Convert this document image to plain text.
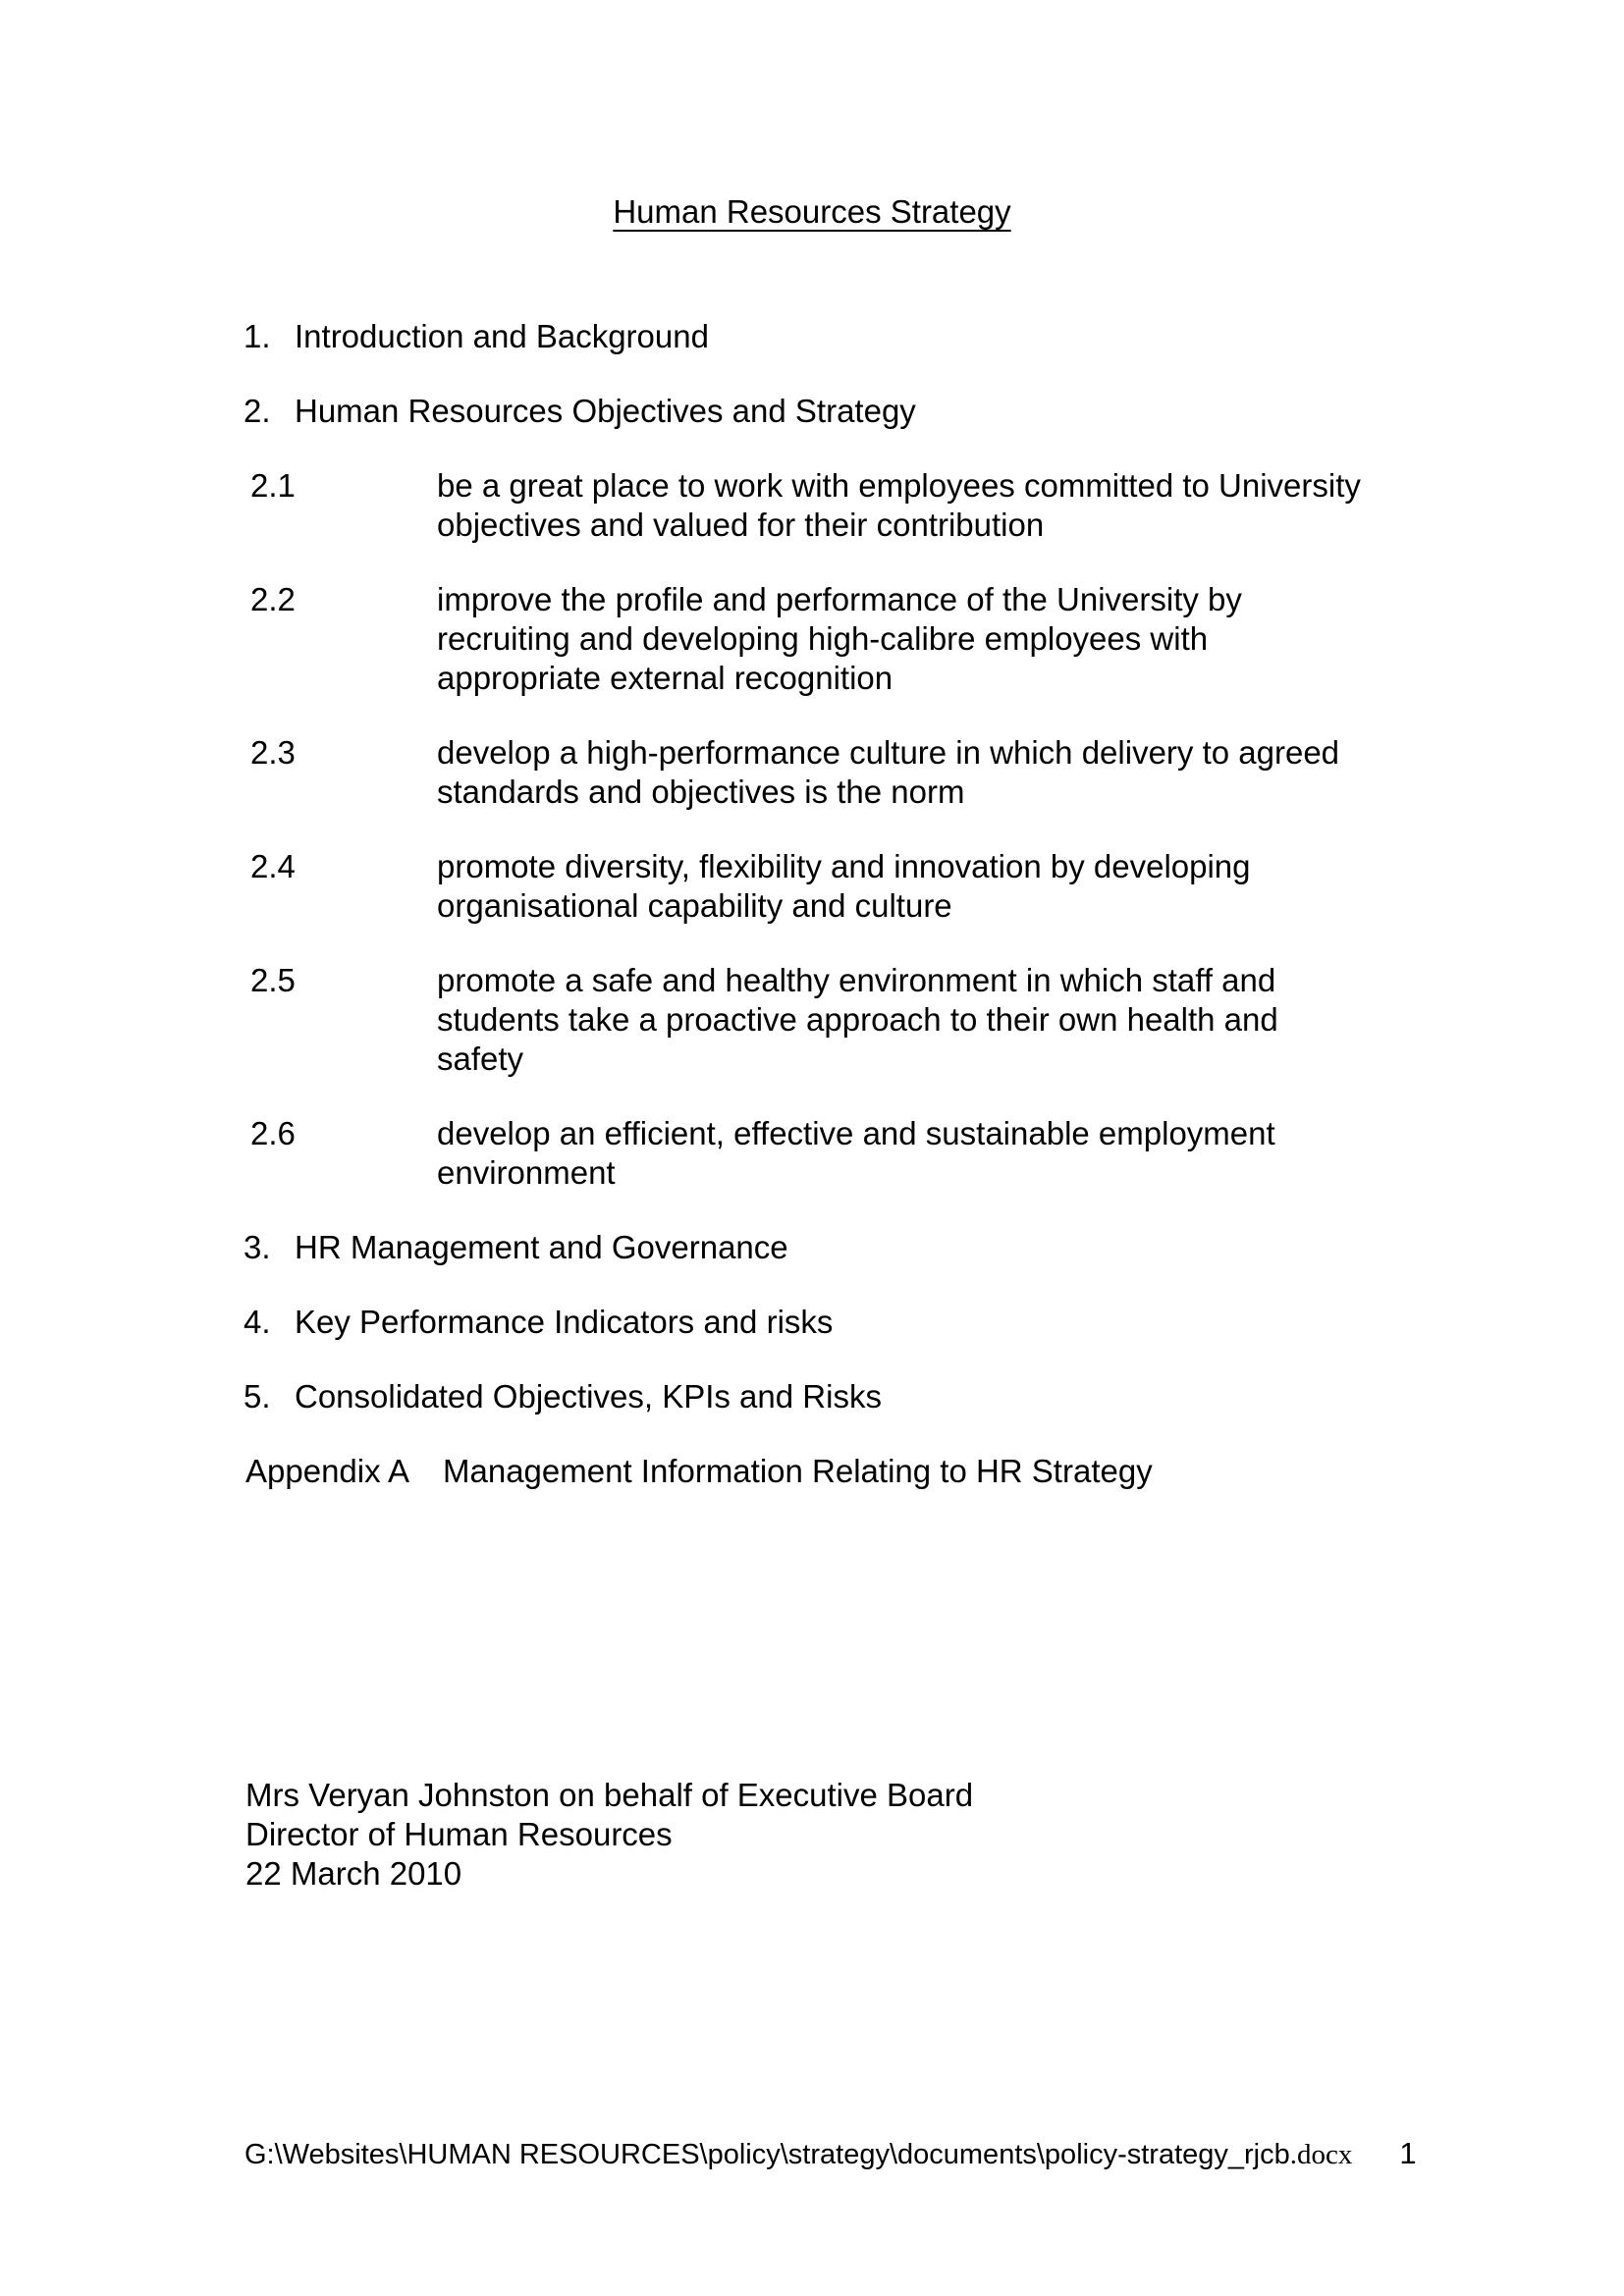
Human Resources Strategy
1. Introduction and Background
2. Human Resources Objectives and Strategy
2.1	be a great place to work with employees committed to University
objectives and valued for their contribution
2.2	improve the profile and performance of the University by
recruiting and developing high-calibre employees with
appropriate external recognition
2.3	develop a high-performance culture in which delivery to agreed
standards and objectives is the norm
2.4	promote diversity, flexibility and innovation by developing
organisational capability and culture
2.5	promote a safe and healthy environment in which staff and
students take a proactive approach to their own health and
safety
2.6	develop an efficient, effective and sustainable employment
environment
3. HR Management and Governance
4. Key Performance Indicators and risks
5. Consolidated Objectives, KPIs and Risks
Appendix A	Management Information Relating to HR Strategy
Mrs Veryan Johnston on behalf of Executive Board
Director of Human Resources
22 March 2010
G:\Websites\HUMAN RESOURCES\policy\strategy\documents\policy-strategy_rjcb.docx 1
